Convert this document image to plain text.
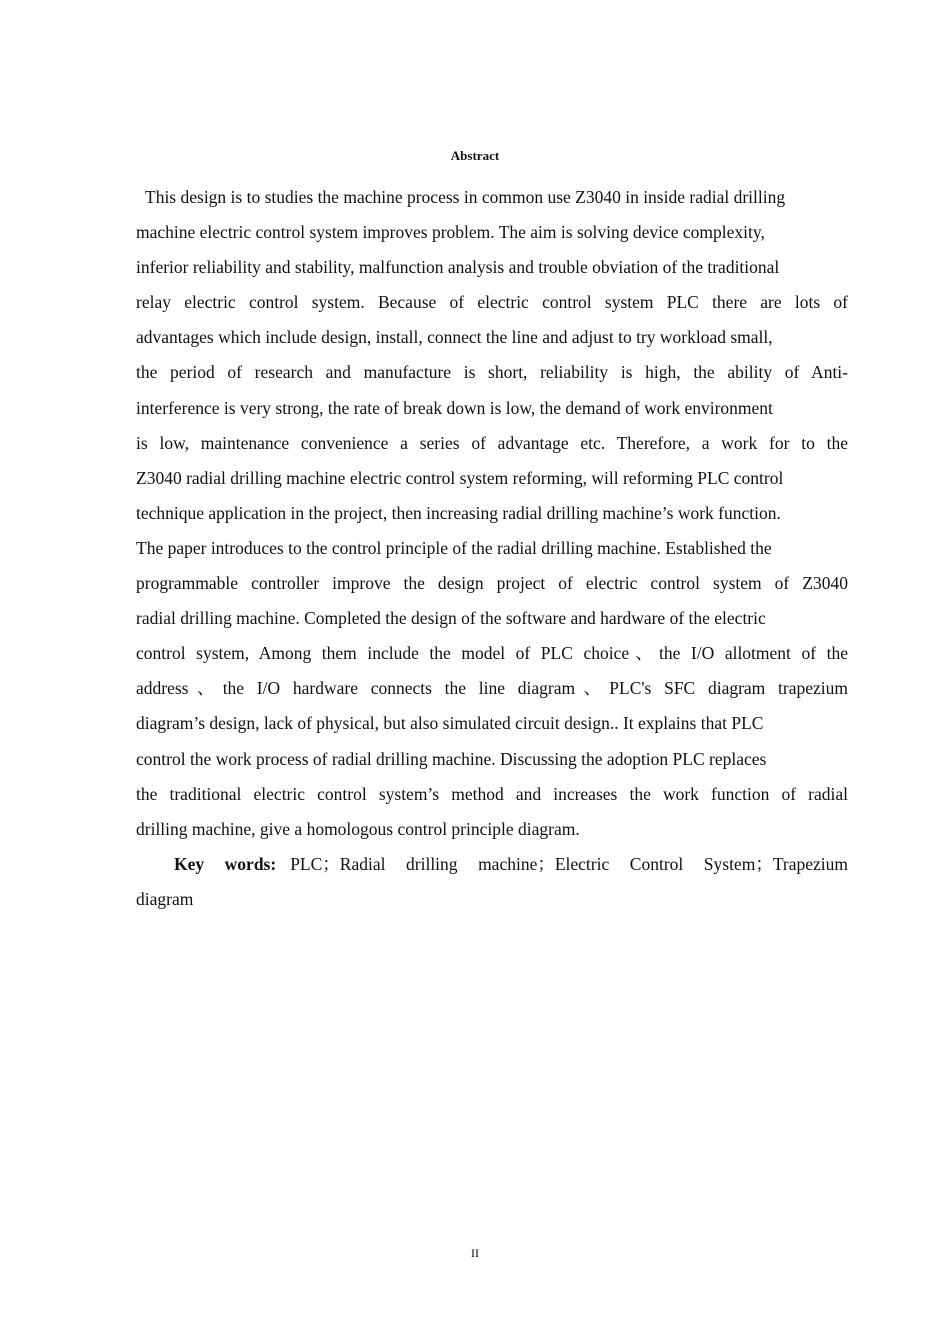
Abstract
This design is to studies the machine process in common use Z3040 in inside radial drilling
machine electric control system improves problem. The aim is solving device complexity,
inferior reliability and stability, malfunction analysis and trouble obviation of the traditional
relay electric control system. Because of electric control system PLC there are lots of
advantages which include design, install, connect the line and adjust to try workload small,
the period of research and manufacture is short, reliability is high, the ability of Anti-
interference is very strong, the rate of break down is low, the demand of work environment
is low, maintenance convenience a series of advantage etc. Therefore, a work for to the
Z3040 radial drilling machine electric control system reforming, will reforming PLC control
technique application in the project, then increasing radial drilling machine’s work function.
The paper introduces to the control principle of the radial drilling machine. Established the
programmable controller improve the design project of electric control system of Z3040
radial drilling machine. Completed the design of the software and hardware of the electric
control system, Among them include the model of PLC choice、the I/O allotment of the
address、the I/O hardware connects the line diagram、PLC's SFC diagram trapezium
diagram’s design, lack of physical, but also simulated circuit design.. It explains that PLC
control the work process of radial drilling machine. Discussing the adoption PLC replaces
the traditional electric control system’s method and increases the work function of radial
drilling machine, give a homologous control principle diagram.
Key words: PLC；Radial drilling machine；Electric Control System；Trapezium
diagram
II
